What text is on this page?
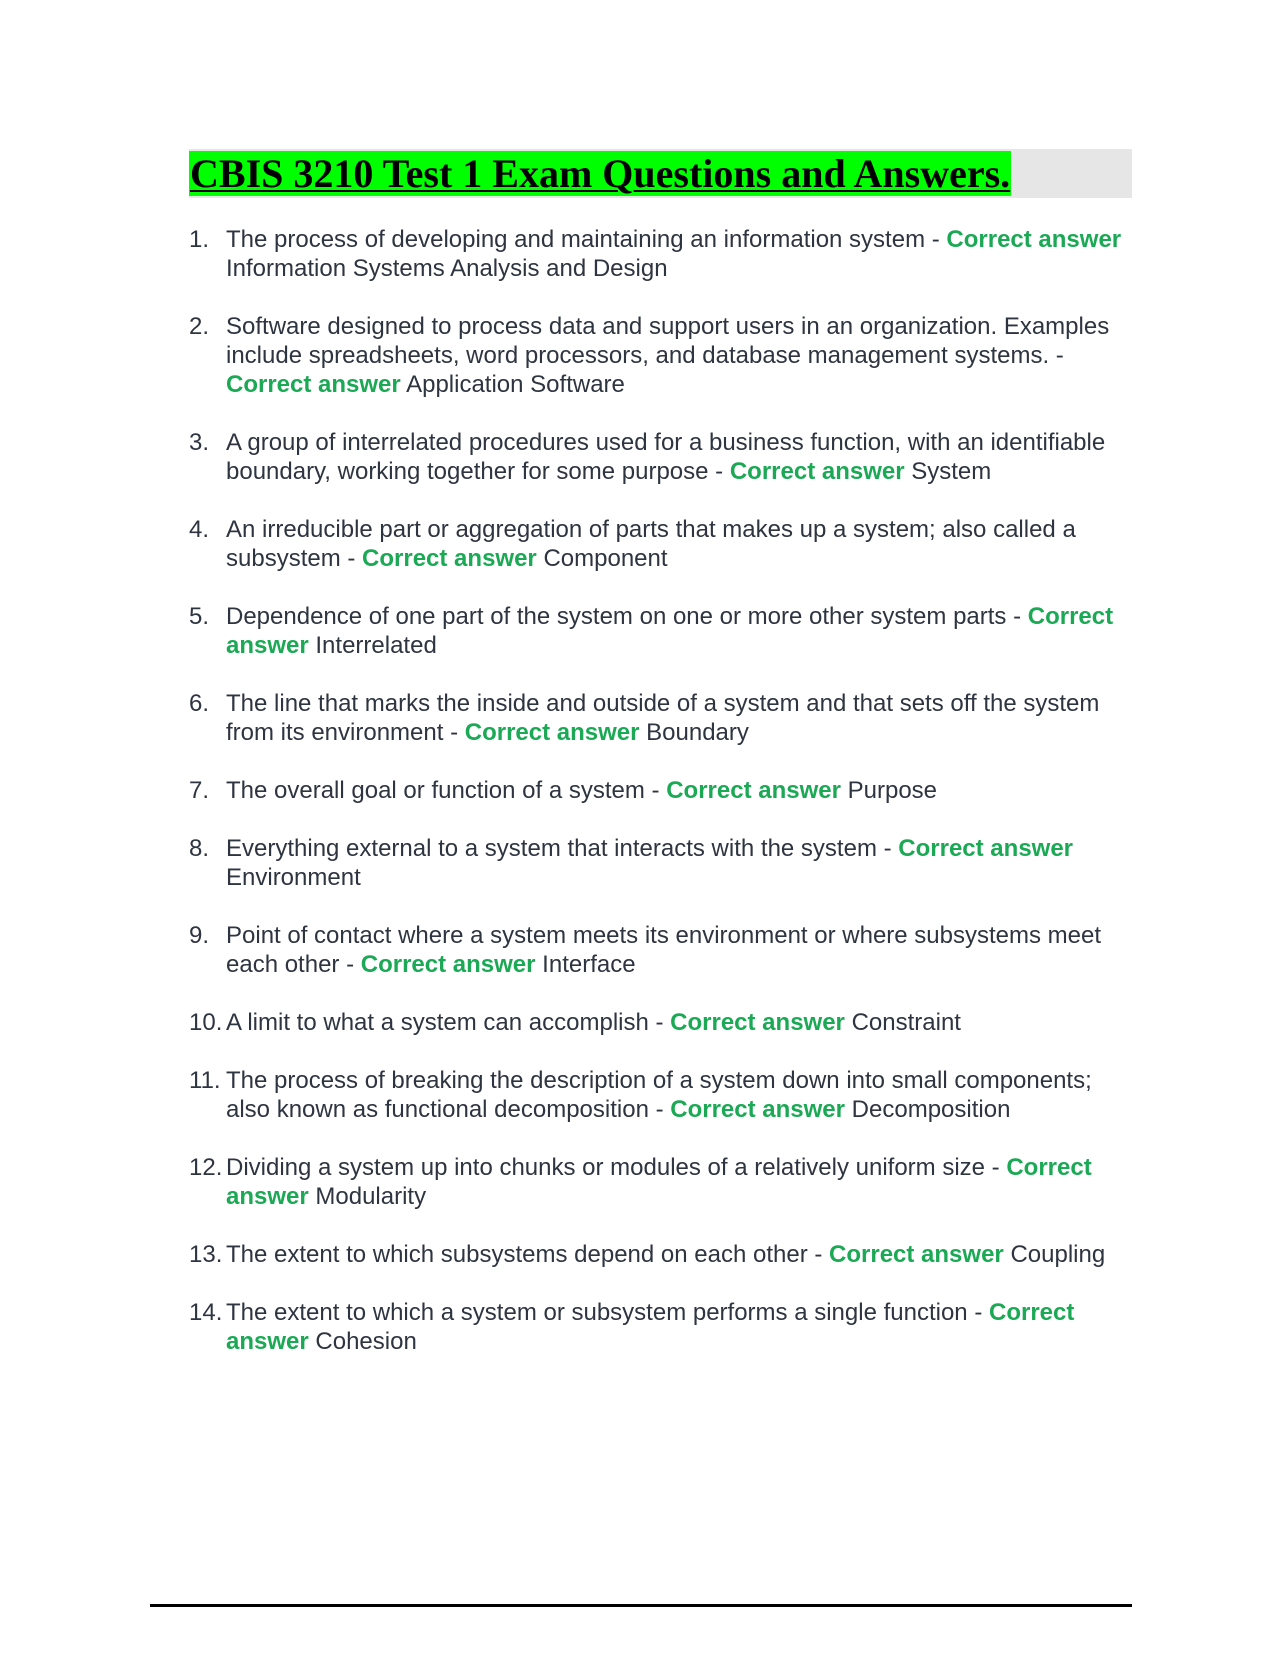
CBIS 3210 Test 1 Exam Questions and Answers.
1. The process of developing and maintaining an information system - Correct answer Information Systems Analysis and Design
2. Software designed to process data and support users in an organization. Examples include spreadsheets, word processors, and database management systems. - Correct answer Application Software
3. A group of interrelated procedures used for a business function, with an identifiable boundary, working together for some purpose - Correct answer System
4. An irreducible part or aggregation of parts that makes up a system; also called a subsystem - Correct answer Component
5. Dependence of one part of the system on one or more other system parts - Correct answer Interrelated
6. The line that marks the inside and outside of a system and that sets off the system from its environment - Correct answer Boundary
7. The overall goal or function of a system - Correct answer Purpose
8. Everything external to a system that interacts with the system - Correct answer Environment
9. Point of contact where a system meets its environment or where subsystems meet each other - Correct answer Interface
10. A limit to what a system can accomplish - Correct answer Constraint
11. The process of breaking the description of a system down into small components; also known as functional decomposition - Correct answer Decomposition
12. Dividing a system up into chunks or modules of a relatively uniform size - Correct answer Modularity
13. The extent to which subsystems depend on each other - Correct answer Coupling
14. The extent to which a system or subsystem performs a single function - Correct answer Cohesion
